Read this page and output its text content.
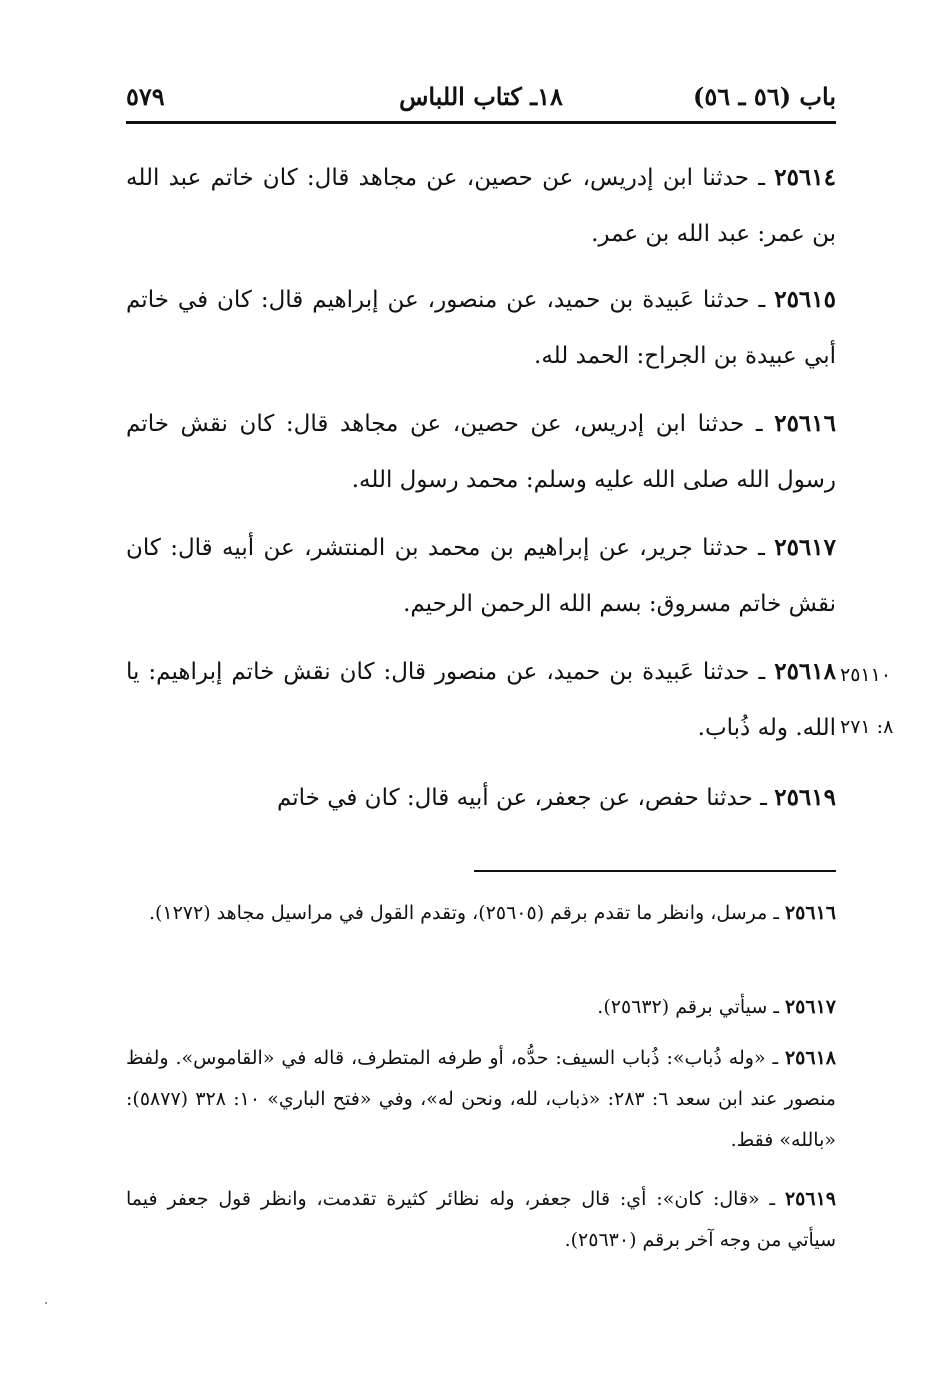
باب (٥٦ ـ ٥٦)
١٨ـ كتاب اللباس
٥٧٩

٢٥٦١٤ ـ حدثنا ابن إدريس، عن حصين، عن مجاهد قال: كان خاتم عبد الله بن عمر: عبد الله بن عمر.

٢٥٦١٥ ـ حدثنا عَبيدة بن حميد، عن منصور، عن إبراهيم قال: كان في خاتم أبي عبيدة بن الجراح: الحمد لله.

٢٥٦١٦ ـ حدثنا ابن إدريس، عن حصين، عن مجاهد قال: كان نقش خاتم رسول الله صلى الله عليه وسلم: محمد رسول الله.

٢٥٦١٧ ـ حدثنا جرير، عن إبراهيم بن محمد بن المنتشر، عن أبيه قال: كان نقش خاتم مسروق: بسم الله الرحمن الرحيم.

٢٥٦١٨ ـ حدثنا عَبيدة بن حميد، عن منصور قال: كان نقش خاتم إبراهيم: يا الله. وله ذُباب.

٢٥١١٠
٨: ٢٧١

٢٥٦١٩ ـ حدثنا حفص، عن جعفر، عن أبيه قال: كان في خاتم

٢٥٦١٦ ـ مرسل، وانظر ما تقدم برقم (٢٥٦٠٥)، وتقدم القول في مراسيل مجاهد (١٢٧٢).

٢٥٦١٧ ـ سيأتي برقم (٢٥٦٣٢).

٢٥٦١٨ ـ «وله ذُباب»: ذُباب السيف: حدُّه، أو طرفه المتطرف، قاله في «القاموس». ولفظ منصور عند ابن سعد ٦: ٢٨٣: «ذباب، لله، ونحن له»، وفي «فتح الباري» ١٠: ٣٢٨ (٥٨٧٧): «بالله» فقط.

٢٥٦١٩ ـ «قال: كان»: أي: قال جعفر، وله نظائر كثيرة تقدمت، وانظر قول جعفر فيما سيأتي من وجه آخر برقم (٢٥٦٣٠).
